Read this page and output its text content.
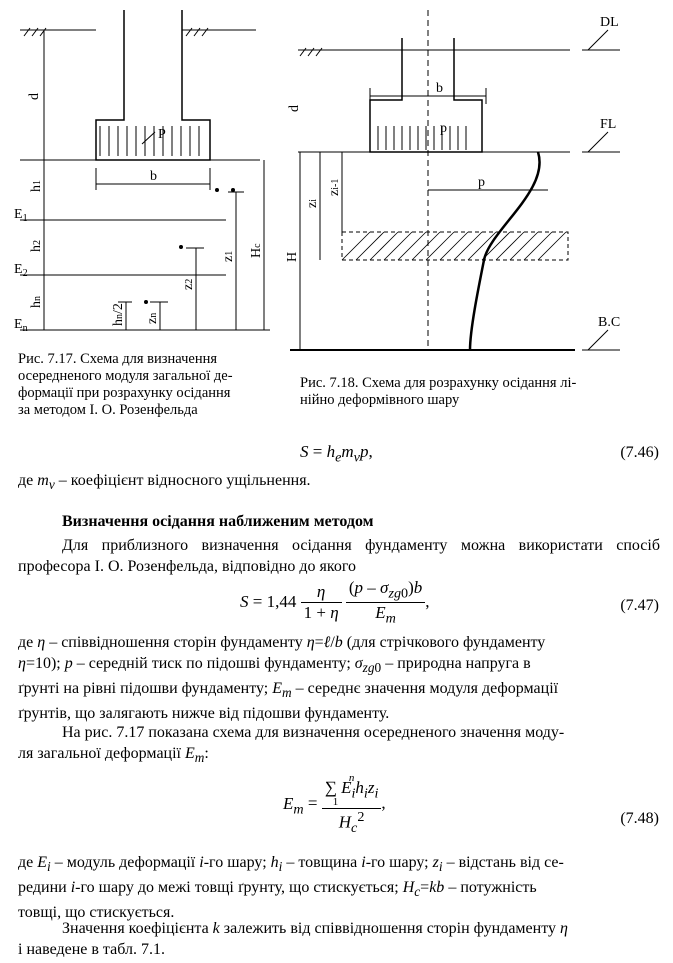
d
P
b
h1
$E_1$
h2
$E_2$
hn
$E_n$
hn/2
zn
z2
z1 Hc
Рис. 7.17. Схема для визначення
осередненого модуля загальної де-
формації при розрахунку осідання
за методом І. О. Розенфельда
DL
FL
B.C
d
b
p
p
zi
zi-1
H
Рис. 7.18. Схема для розрахунку осідання лі-
нійно деформівного шару
$S = h_em_vp$,	(7.46)
де $m_v$ – коефіцієнт відносного ущільнення.
Визначення осідання наближеним методом
Для приблизного визначення осідання фундаменту можна використати спосіб професора І. О. Розенфельда, відповідно до якого
$S = 1,44 \frac{\eta}{1 + \eta}$
$\frac{(p - \sigma_{zg0})b}{E_m}$ ,	(7.47)
де η – співвідношення сторін фундаменту η=ℓ/b (для стрічкового фундаменту
η=10); p – середній тиск по підошві фундаменту; $\sigma_{zg0}$ – природна напруга в
ґрунті на рівні підошви фундаменту; $E_m$ – середнє значення модуля деформації
ґрунтів, що залягають нижче від підошви фундаменту.
На рис. 7.17 показана схема для визначення осередненого значення моду-
ля загальної деформації $E_m$:
$E_m = n$
∑ $E_ih_iz_i$
1
$H_c^2$ ,
(7.48)
де $E_i$ – модуль деформації i-го шару; $h_i$ – товщина i-го шару; $z_i$ – відстань від се-
редини i-го шару до межі товщі ґрунту, що стискується; $H_c=kb$ – потужність
товщі, що стискується.
Значення коефіцієнта k залежить від співвідношення сторін фундаменту η
і наведене в табл. 7.1.
